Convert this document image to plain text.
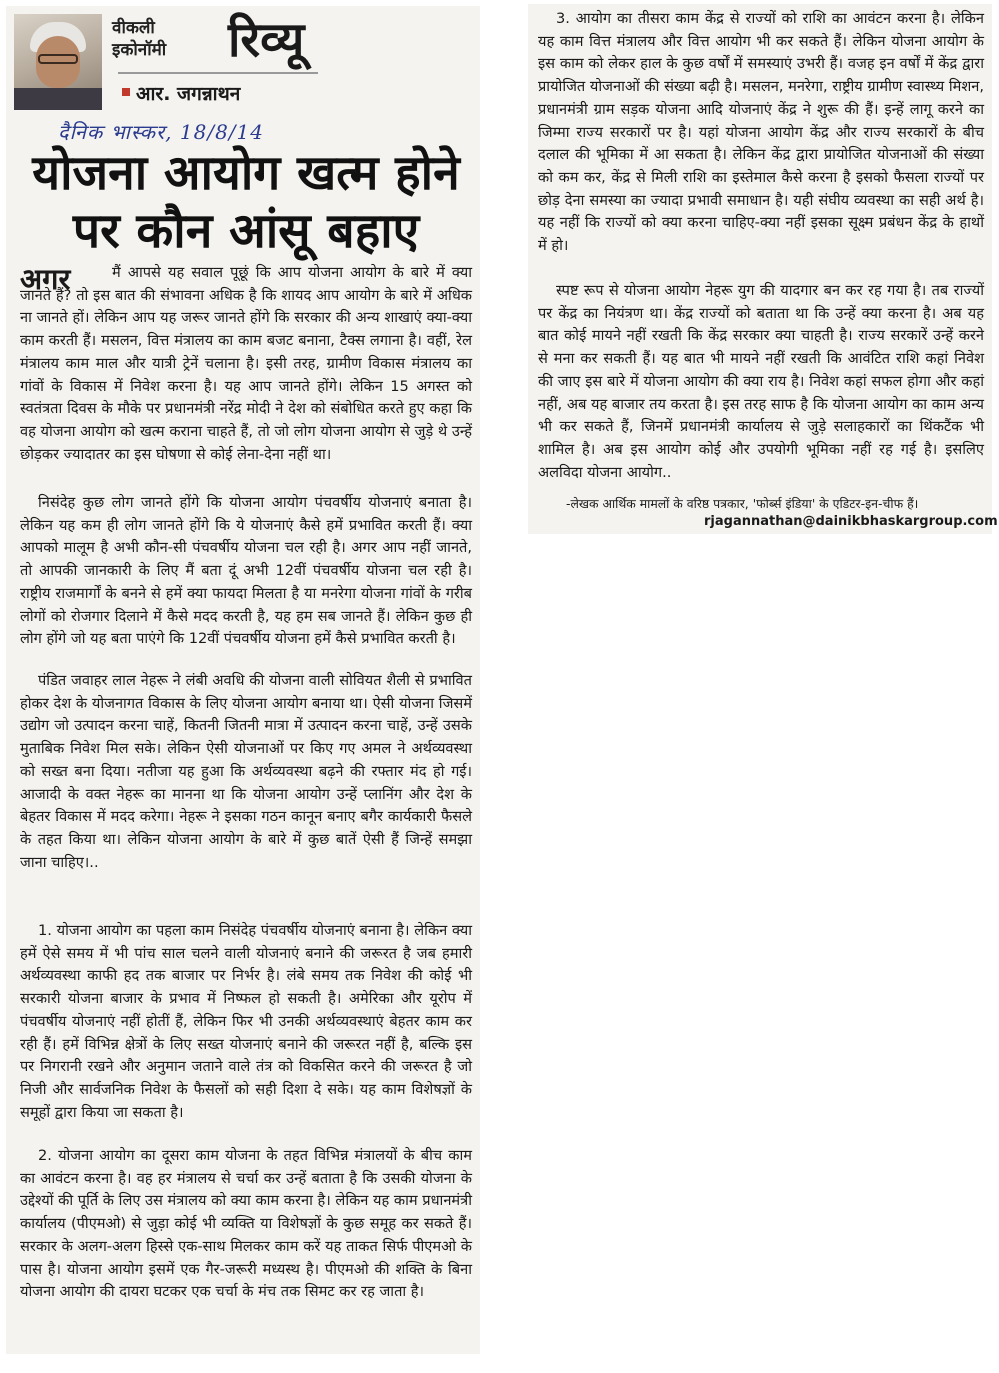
वीकली
इकोनॉमी रिव्यू
आर. जगन्नाथन
दैनिक भास्कर, 18/8/14
योजना आयोग खत्म होने पर कौन आंसू बहाए
अगर	मैं आपसे यह सवाल पूछूं कि आप योजना आयोग के बारे में क्या जानते हैं? तो इस बात की संभावना अधिक है कि शायद आप आयोग के बारे में अधिक ना जानते हों। लेकिन आप यह जरूर जानते होंगे कि सरकार की अन्य शाखाएं क्या-क्या काम करती हैं। मसलन, वित्त मंत्रालय का काम बजट बनाना, टैक्स लगाना है। वहीं, रेल मंत्रालय काम माल और यात्री ट्रेनें चलाना है। इसी तरह, ग्रामीण विकास मंत्रालय का गांवों के विकास में निवेश करना है। यह आप जानते होंगे। लेकिन 15 अगस्त को स्वतंत्रता दिवस के मौके पर प्रधानमंत्री नरेंद्र मोदी ने देश को संबोधित करते हुए कहा कि वह योजना आयोग को खत्म कराना चाहते हैं, तो जो लोग योजना आयोग से जुड़े थे उन्हें छोड़कर ज्यादातर का इस घोषणा से कोई लेना-देना नहीं था।
निसंदेह कुछ लोग जानते होंगे कि योजना आयोग पंचवर्षीय योजनाएं बनाता है। लेकिन यह कम ही लोग जानते होंगे कि ये योजनाएं कैसे हमें प्रभावित करती हैं। क्या आपको मालूम है अभी कौन-सी पंचवर्षीय योजना चल रही है। अगर आप नहीं जानते, तो आपकी जानकारी के लिए मैं बता दूं अभी 12वीं पंचवर्षीय योजना चल रही है। राष्ट्रीय राजमार्गों के बनने से हमें क्या फायदा मिलता है या मनरेगा योजना गांवों के गरीब लोगों को रोजगार दिलाने में कैसे मदद करती है, यह हम सब जानते हैं। लेकिन कुछ ही लोग होंगे जो यह बता पाएंगे कि 12वीं पंचवर्षीय योजना हमें कैसे प्रभावित करती है।
पंडित जवाहर लाल नेहरू ने लंबी अवधि की योजना वाली सोवियत शैली से प्रभावित होकर देश के योजनागत विकास के लिए योजना आयोग बनाया था। ऐसी योजना जिसमें उद्योग जो उत्पादन करना चाहें, कितनी जितनी मात्रा में उत्पादन करना चाहें, उन्हें उसके मुताबिक निवेश मिल सके। लेकिन ऐसी योजनाओं पर किए गए अमल ने अर्थव्यवस्था को सख्त बना दिया। नतीजा यह हुआ कि अर्थव्यवस्था बढ़ने की रफ्तार मंद हो गई। आजादी के वक्त नेहरू का मानना था कि योजना आयोग उन्हें प्लानिंग और देश के बेहतर विकास में मदद करेगा। नेहरू ने इसका गठन कानून बनाए बगैर कार्यकारी फैसले के तहत किया था। लेकिन योजना आयोग के बारे में कुछ बातें ऐसी हैं जिन्हें समझा जाना चाहिए।..
1. योजना आयोग का पहला काम निसंदेह पंचवर्षीय योजनाएं बनाना है। लेकिन क्या हमें ऐसे समय में भी पांच साल चलने वाली योजनाएं बनाने की जरूरत है जब हमारी अर्थव्यवस्था काफी हद तक बाजार पर निर्भर है। लंबे समय तक निवेश की कोई भी सरकारी योजना बाजार के प्रभाव में निष्फल हो सकती है। अमेरिका और यूरोप में पंचवर्षीय योजनाएं नहीं होतीं हैं, लेकिन फिर भी उनकी अर्थव्यवस्थाएं बेहतर काम कर रही हैं। हमें विभिन्न क्षेत्रों के लिए सख्त योजनाएं बनाने की जरूरत नहीं है, बल्कि इस पर निगरानी रखने और अनुमान जताने वाले तंत्र को विकसित करने की जरूरत है जो निजी और सार्वजनिक निवेश के फैसलों को सही दिशा दे सके। यह काम विशेषज्ञों के समूहों द्वारा किया जा सकता है।
2. योजना आयोग का दूसरा काम योजना के तहत विभिन्न मंत्रालयों के बीच काम का आवंटन करना है। वह हर मंत्रालय से चर्चा कर उन्हें बताता है कि उसकी योजना के उद्देश्यों की पूर्ति के लिए उस मंत्रालय को क्या काम करना है। लेकिन यह काम प्रधानमंत्री कार्यालय (पीएमओ) से जुड़ा कोई भी व्यक्ति या विशेषज्ञों के कुछ समूह कर सकते हैं। सरकार के अलग-अलग हिस्से एक-साथ मिलकर काम करें यह ताकत सिर्फ पीएमओ के पास है। योजना आयोग इसमें एक गैर-जरूरी मध्यस्थ है। पीएमओ की शक्ति के बिना योजना आयोग की दायरा घटकर एक चर्चा के मंच तक सिमट कर रह जाता है।
3. आयोग का तीसरा काम केंद्र से राज्यों को राशि का आवंटन करना है। लेकिन यह काम वित्त मंत्रालय और वित्त आयोग भी कर सकते हैं। लेकिन योजना आयोग के इस काम को लेकर हाल के कुछ वर्षों में समस्याएं उभरी हैं। वजह इन वर्षों में केंद्र द्वारा प्रायोजित योजनाओं की संख्या बढ़ी है। मसलन, मनरेगा, राष्ट्रीय ग्रामीण स्वास्थ्य मिशन, प्रधानमंत्री ग्राम सड़क योजना आदि योजनाएं केंद्र ने शुरू की हैं। इन्हें लागू करने का जिम्मा राज्य सरकारों पर है। यहां योजना आयोग केंद्र और राज्य सरकारों के बीच दलाल की भूमिका में आ सकता है। लेकिन केंद्र द्वारा प्रायोजित योजनाओं की संख्या को कम कर, केंद्र से मिली राशि का इस्तेमाल कैसे करना है इसको फैसला राज्यों पर छोड़ देना समस्या का ज्यादा प्रभावी समाधान है। यही संघीय व्यवस्था का सही अर्थ है। यह नहीं कि राज्यों को क्या करना चाहिए-क्या नहीं इसका सूक्ष्म प्रबंधन केंद्र के हाथों में हो।
स्पष्ट रूप से योजना आयोग नेहरू युग की यादगार बन कर रह गया है। तब राज्यों पर केंद्र का नियंत्रण था। केंद्र राज्यों को बताता था कि उन्हें क्या करना है। अब यह बात कोई मायने नहीं रखती कि केंद्र सरकार क्या चाहती है। राज्य सरकारें उन्हें करने से मना कर सकती हैं। यह बात भी मायने नहीं रखती कि आवंटित राशि कहां निवेश की जाए इस बारे में योजना आयोग की क्या राय है। निवेश कहां सफल होगा और कहां नहीं, अब यह बाजार तय करता है। इस तरह साफ है कि योजना आयोग का काम अन्य भी कर सकते हैं, जिनमें प्रधानमंत्री कार्यालय से जुड़े सलाहकारों का थिंकटैंक भी शामिल है। अब इस आयोग कोई और उपयोगी भूमिका नहीं रह गई है। इसलिए अलविदा योजना आयोग..
-लेखक आर्थिक मामलों के वरिष्ठ पत्रकार, 'फोर्ब्स इंडिया' के एडिटर-इन-चीफ हैं।
rjagannathan@dainikbhaskargroup.com
